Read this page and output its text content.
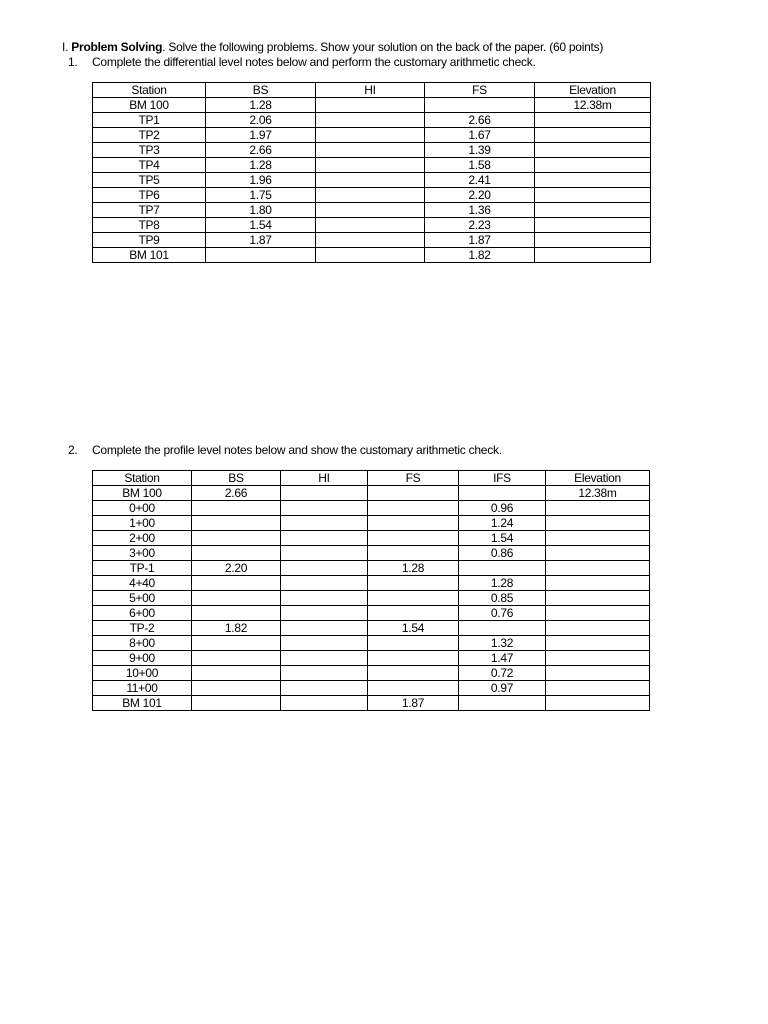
I. Problem Solving. Solve the following problems. Show your solution on the back of the paper. (60 points)
1. Complete the differential level notes below and perform the customary arithmetic check.
Station	BS	HI	FS	Elevation
BM 100	1.28			12.38m
TP1	2.06		2.66	
TP2	1.97		1.67	
TP3	2.66		1.39	
TP4	1.28		1.58	
TP5	1.96		2.41	
TP6	1.75		2.20	
TP7	1.80		1.36	
TP8	1.54		2.23	
TP9	1.87		1.87	
BM 101			1.82	
2. Complete the profile level notes below and show the customary arithmetic check.
Station	BS	HI	FS	IFS	Elevation
BM 100	2.66				12.38m
0+00				0.96	
1+00				1.24	
2+00				1.54	
3+00				0.86	
TP-1	2.20		1.28		
4+40				1.28	
5+00				0.85	
6+00				0.76	
TP-2	1.82		1.54		
8+00				1.32	
9+00				1.47	
10+00				0.72	
11+00				0.97	
BM 101			1.87		
